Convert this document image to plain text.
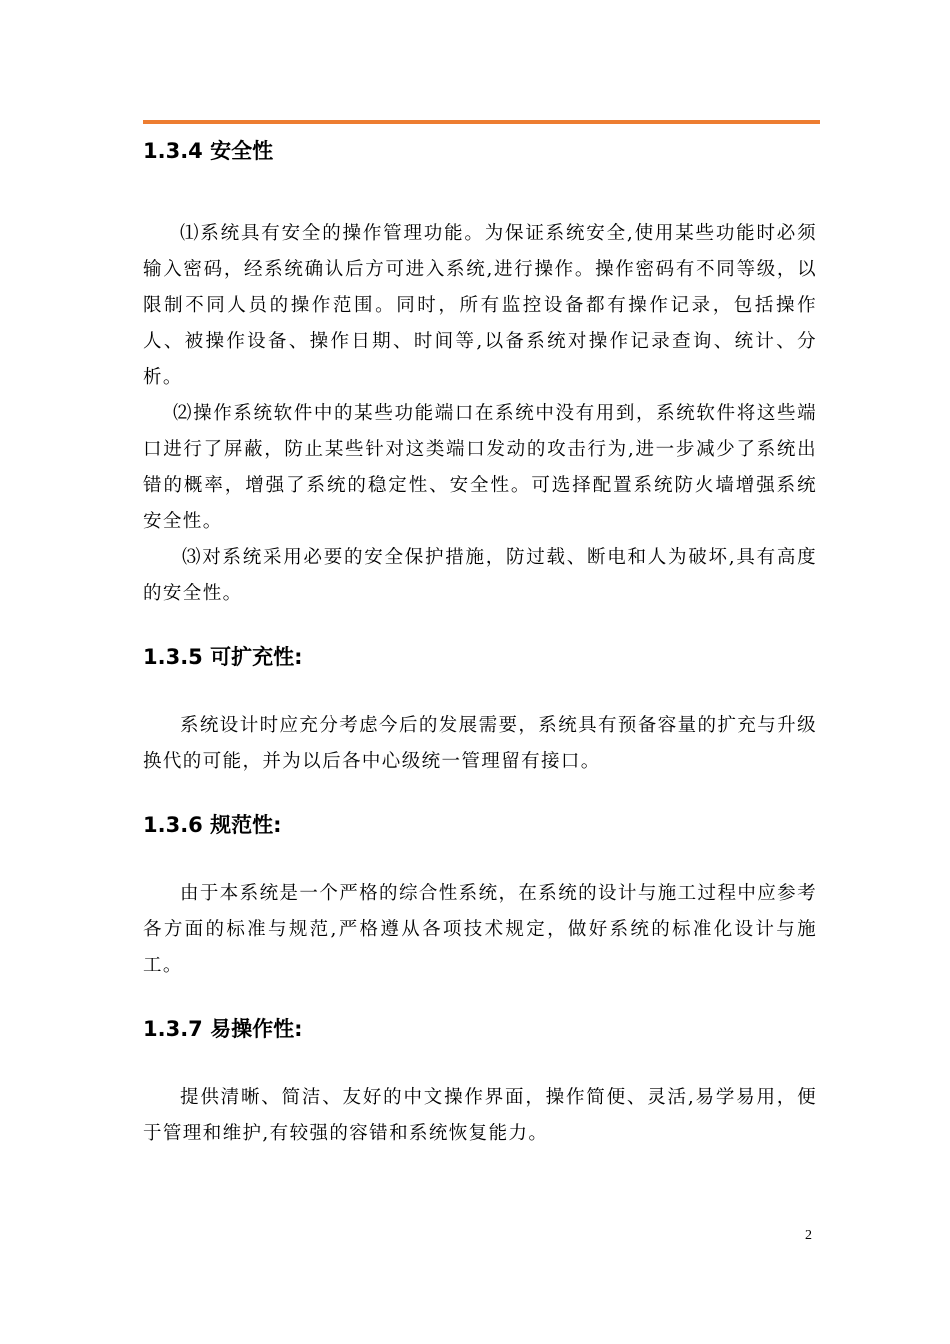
1.3.4 安全性

⑴系统具有安全的操作管理功能。为保证系统安全,使用某些功能时必须输入密码，经系统确认后方可进入系统,进行操作。操作密码有不同等级，以限制不同人员的操作范围。同时，所有监控设备都有操作记录，包括操作人、被操作设备、操作日期、时间等,以备系统对操作记录查询、统计、分析。

⑵操作系统软件中的某些功能端口在系统中没有用到，系统软件将这些端口进行了屏蔽，防止某些针对这类端口发动的攻击行为,进一步减少了系统出错的概率，增强了系统的稳定性、安全性。可选择配置系统防火墙增强系统安全性。

⑶对系统采用必要的安全保护措施，防过载、断电和人为破坏,具有高度的安全性。

1.3.5 可扩充性:

系统设计时应充分考虑今后的发展需要，系统具有预备容量的扩充与升级换代的可能，并为以后各中心级统一管理留有接口。

1.3.6 规范性:

由于本系统是一个严格的综合性系统，在系统的设计与施工过程中应参考各方面的标准与规范,严格遵从各项技术规定，做好系统的标准化设计与施工。

1.3.7 易操作性:

提供清晰、简洁、友好的中文操作界面，操作简便、灵活,易学易用，便于管理和维护,有较强的容错和系统恢复能力。

2
